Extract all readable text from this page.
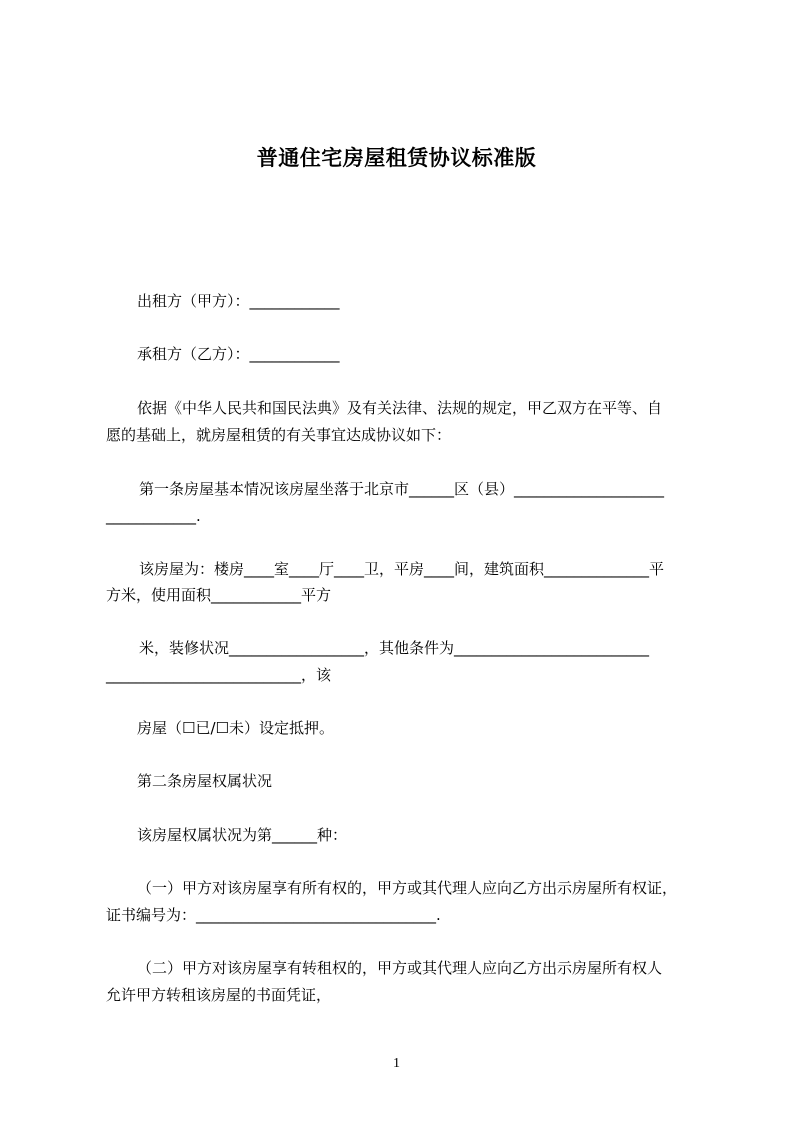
普通住宅房屋租赁协议标准版
出租方（甲方）：____________
承租方（乙方）：____________
依据《中华人民共和国民法典》及有关法律、法规的规定，甲乙双方在平等、自
愿的基础上，就房屋租赁的有关事宜达成协议如下：
第一条房屋基本情况该房屋坐落于北京市______区（县）____________________
____________.
该房屋为：楼房____室____厅____卫，平房____间，建筑面积______________平
方米，使用面积____________平方
米，装修状况__________________，其他条件为__________________________
__________________________，该
房屋（☐已/☐未）设定抵押。
第二条房屋权属状况
该房屋权属状况为第______种：
（一）甲方对该房屋享有所有权的，甲方或其代理人应向乙方出示房屋所有权证，
证书编号为：________________________________.
（二）甲方对该房屋享有转租权的，甲方或其代理人应向乙方出示房屋所有权人
允许甲方转租该房屋的书面凭证，
1
